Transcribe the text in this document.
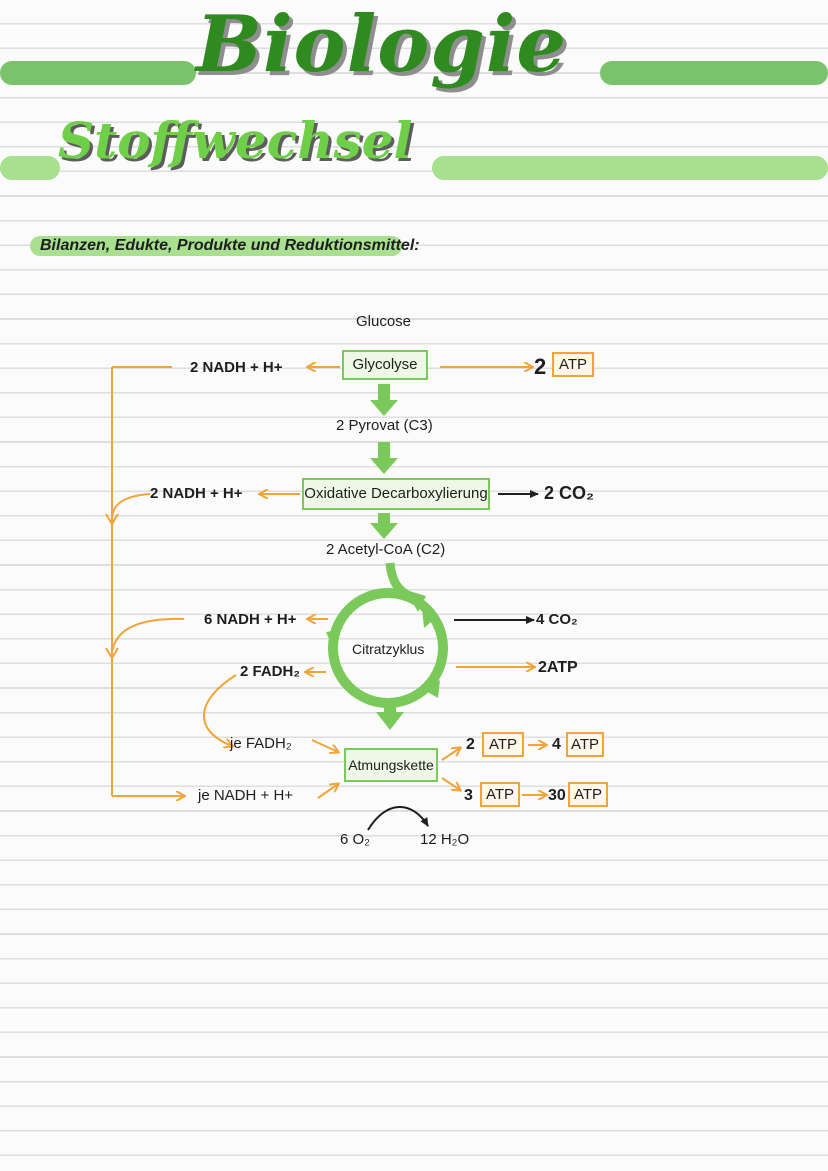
Biologie
Stoffwechsel
Bilanzen, Edukte, Produkte und Reduktionsmittel:
Glucose
Glycolyse
2 NADH + H+	2 ATP
2 Pyrovat (C3)
Oxidative Decarboxylierung
2 NADH + H+	2 CO₂
2 Acetyl-CoA (C2)
Citratzyklus
6 NADH + H+
2 FADH₂
4 CO₂
2ATP
Atmungskette
je FADH₂
je NADH + H+
2 ATP	4 ATP
3 ATP	30 ATP
6 O₂	12 H₂O
